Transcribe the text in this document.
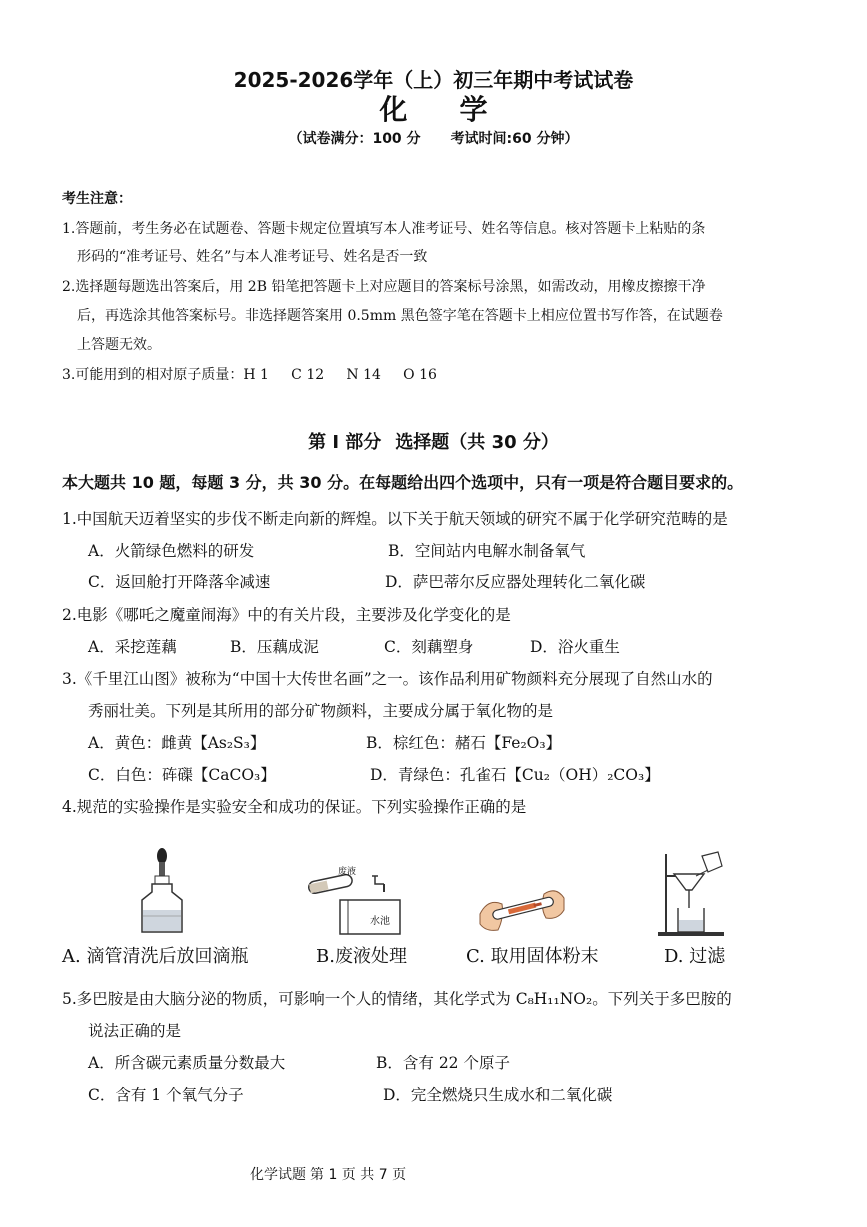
2025-2026学年（上）初三年期中考试试卷
化学
（试卷满分：100 分 考试时间:60 分钟）
考生注意：
1.答题前，考生务必在试题卷、答题卡规定位置填写本人准考证号、姓名等信息。核对答题卡上粘贴的条
形码的“准考证号、姓名”与本人准考证号、姓名是否一致
2.选择题每题选出答案后，用 2B 铅笔把答题卡上对应题目的答案标号涂黑，如需改动，用橡皮擦擦干净
后，再选涂其他答案标号。非选择题答案用 0.5mm 黑色签字笔在答题卡上相应位置书写作答，在试题卷
上答题无效。
3.可能用到的相对原子质量：H 1     C 12     N 14     O 16
第 I 部分 选择题（共 30 分）
本大题共 10 题，每题 3 分，共 30 分。在每题给出四个选项中，只有一项是符合题目要求的。
1.中国航天迈着坚实的步伐不断走向新的辉煌。以下关于航天领域的研究不属于化学研究范畴的是
A．火箭绿色燃料的研发	B．空间站内电解水制备氧气
C．返回舱打开降落伞减速	D．萨巴蒂尔反应器处理转化二氧化碳
2.电影《哪吒之魔童闹海》中的有关片段，主要涉及化学变化的是
A．采挖莲藕	B．压藕成泥	C．刻藕塑身	D．浴火重生
3.《千里江山图》被称为“中国十大传世名画”之一。该作品利用矿物颜料充分展现了自然山水的
秀丽壮美。下列是其所用的部分矿物颜料，主要成分属于氧化物的是
A．黄色：雌黄【As₂S₃】	B．棕红色：赭石【Fe₂O₃】
C．白色：砗磲【CaCO₃】	D．青绿色：孔雀石【Cu₂（OH）₂CO₃】
4.规范的实验操作是实验安全和成功的保证。下列实验操作正确的是
A. 滴管清洗后放回滴瓶
废液
水池
B.废液处理	C. 取用固体粉末	D. 过滤
5.多巴胺是由大脑分泌的物质，可影响一个人的情绪，其化学式为 C₈H₁₁NO₂。下列关于多巴胺的
说法正确的是
A．所含碳元素质量分数最大	B．含有 22 个原子
C．含有 1 个氧气分子	D．完全燃烧只生成水和二氧化碳
化学试题 第 1 页 共 7 页
